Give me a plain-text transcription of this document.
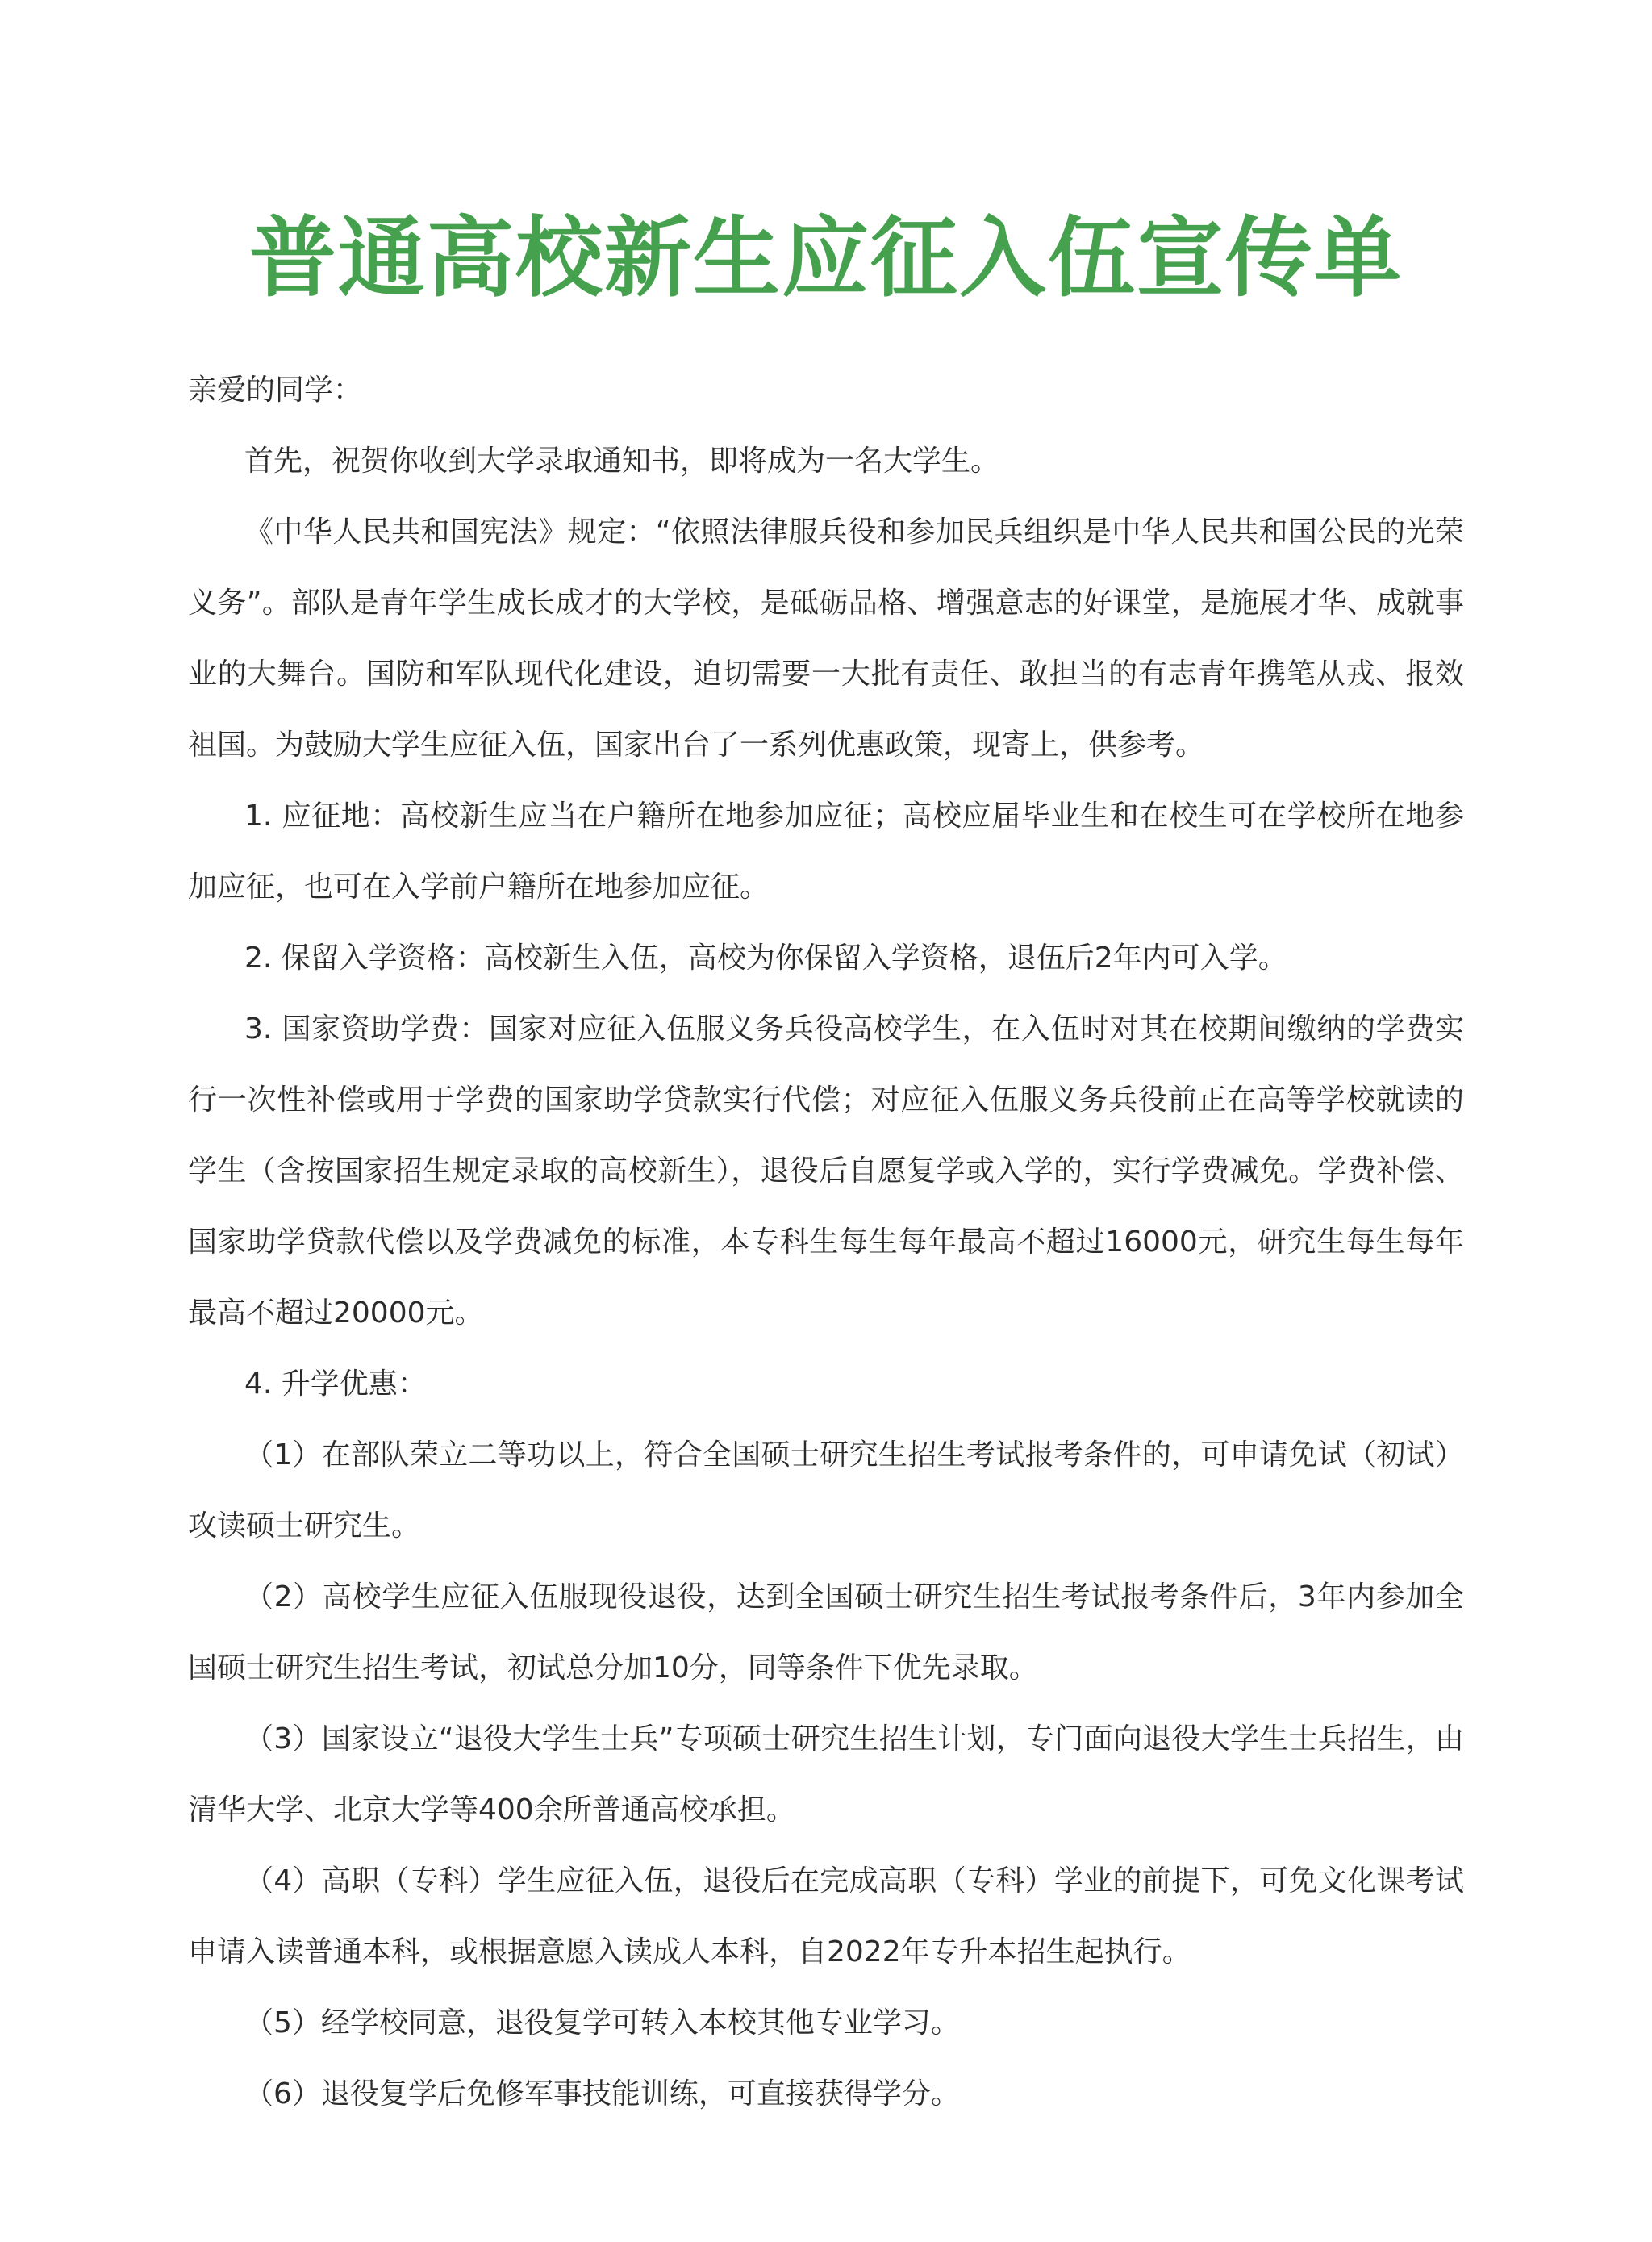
普通高校新生应征入伍宣传单

亲爱的同学：

首先，祝贺你收到大学录取通知书，即将成为一名大学生。

《中华人民共和国宪法》规定：“依照法律服兵役和参加民兵组织是中华人民共和国公民的光荣义务”。部队是青年学生成长成才的大学校，是砥砺品格、增强意志的好课堂，是施展才华、成就事业的大舞台。国防和军队现代化建设，迫切需要一大批有责任、敢担当的有志青年携笔从戎、报效祖国。为鼓励大学生应征入伍，国家出台了一系列优惠政策，现寄上，供参考。

1. 应征地：高校新生应当在户籍所在地参加应征；高校应届毕业生和在校生可在学校所在地参加应征，也可在入学前户籍所在地参加应征。

2. 保留入学资格：高校新生入伍，高校为你保留入学资格，退伍后2年内可入学。

3. 国家资助学费：国家对应征入伍服义务兵役高校学生，在入伍时对其在校期间缴纳的学费实行一次性补偿或用于学费的国家助学贷款实行代偿；对应征入伍服义务兵役前正在高等学校就读的学生（含按国家招生规定录取的高校新生），退役后自愿复学或入学的，实行学费减免。学费补偿、国家助学贷款代偿以及学费减免的标准，本专科生每生每年最高不超过16000元，研究生每生每年最高不超过20000元。

4. 升学优惠：

（1）在部队荣立二等功以上，符合全国硕士研究生招生考试报考条件的，可申请免试（初试）攻读硕士研究生。

（2）高校学生应征入伍服现役退役，达到全国硕士研究生招生考试报考条件后，3年内参加全国硕士研究生招生考试，初试总分加10分，同等条件下优先录取。

（3）国家设立“退役大学生士兵”专项硕士研究生招生计划，专门面向退役大学生士兵招生，由清华大学、北京大学等400余所普通高校承担。

（4）高职（专科）学生应征入伍，退役后在完成高职（专科）学业的前提下，可免文化课考试申请入读普通本科，或根据意愿入读成人本科，自2022年专升本招生起执行。

（5）经学校同意，退役复学可转入本校其他专业学习。

（6）退役复学后免修军事技能训练，可直接获得学分。
